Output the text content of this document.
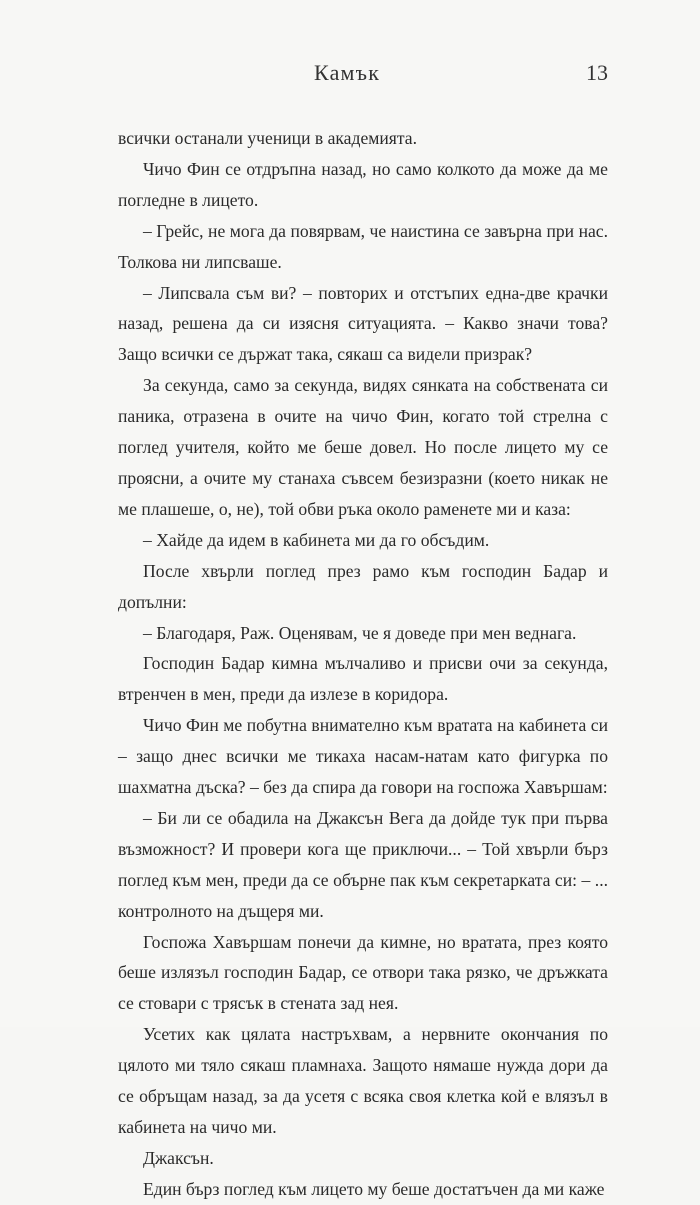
Камък	13

всички останали ученици в академията.

Чичо Фин се отдръпна назад, но само колкото да може да ме погледне в лицето.

– Грейс, не мога да повярвам, че наистина се завърна при нас. Толкова ни липсваше.

– Липсвала съм ви? – повторих и отстъпих една-две крачки назад, решена да си изясня ситуацията. – Какво значи това? Защо всички се държат така, сякаш са видели призрак?

За секунда, само за секунда, видях сянката на собствената си паника, отразена в очите на чичо Фин, когато той стрелна с поглед учителя, който ме беше довел. Но после лицето му се проясни, а очите му станаха съвсем безизразни (което никак не ме плашеше, о, не), той обви ръка около раменете ми и каза:

– Хайде да идем в кабинета ми да го обсъдим.

После хвърли поглед през рамо към господин Бадар и допълни:

– Благодаря, Раж. Оценявам, че я доведе при мен веднага.

Господин Бадар кимна мълчаливо и присви очи за секунда, втренчен в мен, преди да излезе в коридора.

Чичо Фин ме побутна внимателно към вратата на кабинета си – защо днес всички ме тикаха насам-натам като фигурка по шахматна дъска? – без да спира да говори на госпожа Хавършам:

– Би ли се обадила на Джаксън Вега да дойде тук при първа възможност? И провери кога ще приключи... – Той хвърли бърз поглед към мен, преди да се обърне пак към секретарката си: – ... контролното на дъщеря ми.

Госпожа Хавършам понечи да кимне, но вратата, през която беше излязъл господин Бадар, се отвори така рязко, че дръжката се стовари с трясък в стената зад нея.

Усетих как цялата настръхвам, а нервните окончания по цялото ми тяло сякаш пламнаха. Защото нямаше нужда дори да се обръщам назад, за да усетя с всяка своя клетка кой е влязъл в кабинета на чичо ми.

Джаксън.

Един бърз поглед към лицето му беше достатъчен да ми каже
